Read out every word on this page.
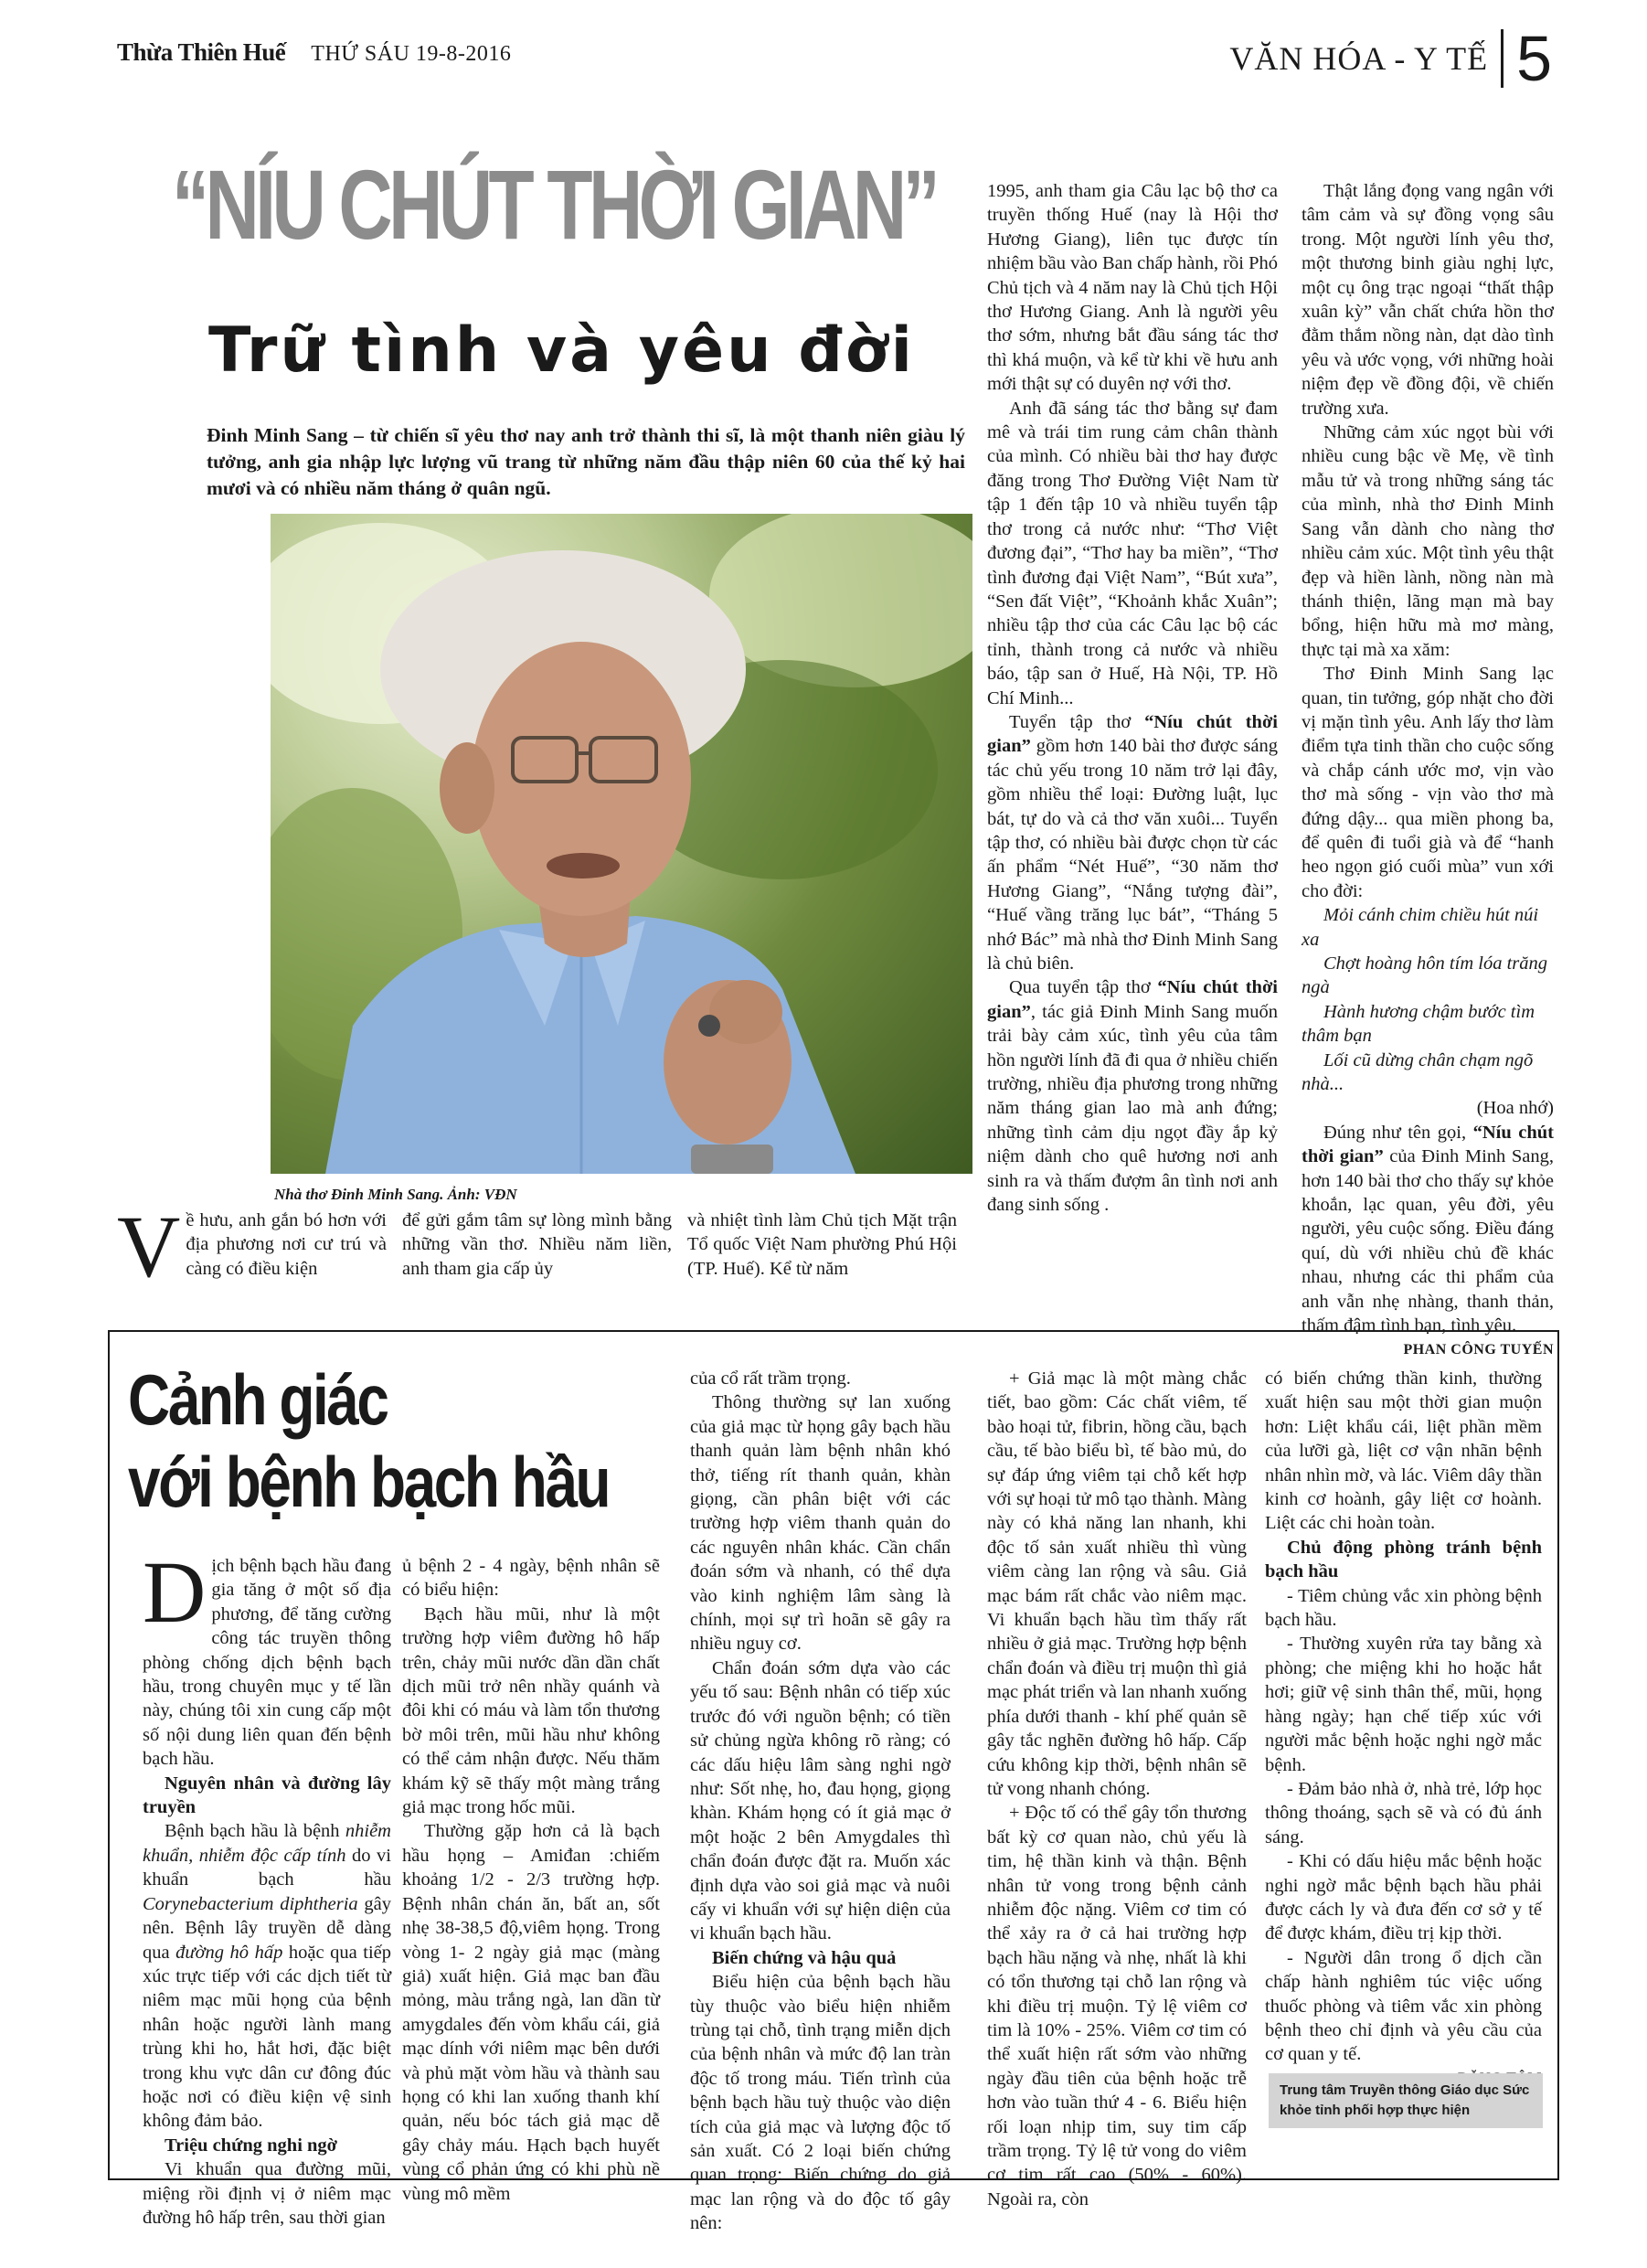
Thừa Thiên Huế THỨ SÁU 19-8-2016	VĂN HÓA - Y TẾ 5
“NÍU CHÚT THỜI GIAN”
Trữ tình và yêu đời
Đinh Minh Sang – từ chiến sĩ yêu thơ nay anh trở thành thi sĩ, là một thanh niên giàu lý tưởng, anh gia nhập lực lượng vũ trang từ những năm đầu thập niên 60 của thế kỷ hai mươi và có nhiều năm tháng ở quân ngũ.
Nhà thơ Đinh Minh Sang. Ảnh: VĐN
V ề hưu, anh gắn bó hơn với địa phương nơi cư trú và càng có điều kiện

để gửi gắm tâm sự lòng mình bằng những vần thơ. Nhiều năm liền, anh tham gia cấp ủy

và nhiệt tình làm Chủ tịch Mặt trận Tổ quốc Việt Nam phường Phú Hội (TP. Huế). Kể từ năm

1995, anh tham gia Câu lạc bộ thơ ca truyền thống Huế (nay là Hội thơ Hương Giang), liên tục được tín nhiệm bầu vào Ban chấp hành, rồi Phó Chủ tịch và 4 năm nay là Chủ tịch Hội thơ Hương Giang. Anh là người yêu thơ sớm, nhưng bắt đầu sáng tác thơ thì khá muộn, và kể từ khi về hưu anh mới thật sự có duyên nợ với thơ.

Anh đã sáng tác thơ bằng sự đam mê và trái tim rung cảm chân thành của mình. Có nhiều bài thơ hay được đăng trong Thơ Đường Việt Nam từ tập 1 đến tập 10 và nhiều tuyển tập thơ trong cả nước như: “Thơ Việt đương đại”, “Thơ hay ba miền”, “Thơ tình đương đại Việt Nam”, “Bút xưa”, “Sen đất Việt”, “Khoảnh khắc Xuân”; nhiều tập thơ của các Câu lạc bộ các tỉnh, thành trong cả nước và nhiều báo, tập san ở Huế, Hà Nội, TP. Hồ Chí Minh...

Tuyển tập thơ “Níu chút thời gian” gồm hơn 140 bài thơ được sáng tác chủ yếu trong 10 năm trở lại đây, gồm nhiều thể loại: Đường luật, lục bát, tự do và cả thơ văn xuôi... Tuyển tập thơ, có nhiều bài được chọn từ các ấn phẩm “Nét Huế”, “30 năm thơ Hương Giang”, “Nắng tượng đài”, “Huế vầng trăng lục bát”, “Tháng 5 nhớ Bác” mà nhà thơ Đinh Minh Sang là chủ biên.

Qua tuyển tập thơ “Níu chút thời gian”, tác giả Đinh Minh Sang muốn trải bày cảm xúc, tình yêu của tâm hồn người lính đã đi qua ở nhiều chiến trường, nhiều địa phương trong những năm tháng gian lao mà anh đứng; những tình cảm dịu ngọt đầy ắp kỷ niệm dành cho quê hương nơi anh sinh ra và thấm đượm ân tình nơi anh đang sinh sống .

Thật lắng đọng vang ngân với tâm cảm và sự đồng vọng sâu trong. Một người lính yêu thơ, một thương binh giàu nghị lực, một cụ ông trạc ngoại “thất thập xuân kỳ” vẫn chất chứa hồn thơ đằm thắm nồng nàn, dạt dào tình yêu và ước vọng, với những hoài niệm đẹp về đồng đội, về chiến trường xưa.

Những cảm xúc ngọt bùi với nhiều cung bậc về Mẹ, về tình mẫu tử và trong những sáng tác của mình, nhà thơ Đinh Minh Sang vẫn dành cho nàng thơ nhiều cảm xúc. Một tình yêu thật đẹp và hiền lành, nồng nàn mà thánh thiện, lãng mạn mà bay bổng, hiện hữu mà mơ màng, thực tại mà xa xăm:

Thơ Đinh Minh Sang lạc quan, tin tưởng, góp nhặt cho đời vị mặn tình yêu. Anh lấy thơ làm điểm tựa tinh thần cho cuộc sống và chắp cánh ước mơ, vịn vào thơ mà sống - vịn vào thơ mà đứng dậy... qua miền phong ba, để quên đi tuổi già và để “hanh heo ngọn gió cuối mùa” vun xới cho đời:

Mỏi cánh chim chiều hút núi xa

Chợt hoàng hôn tím lóa trăng ngà

Hành hương chậm bước tìm thâm bạn

Lối cũ dừng chân chạm ngõ nhà...

(Hoa nhớ)

Đúng như tên gọi, “Níu chút thời gian” của Đinh Minh Sang, hơn 140 bài thơ cho thấy sự khỏe khoắn, lạc quan, yêu đời, yêu người, yêu cuộc sống. Điều đáng quí, dù với nhiều chủ đề khác nhau, nhưng các thi phẩm của anh vẫn nhẹ nhàng, thanh thản, thấm đậm tình bạn, tình yêu.

PHAN CÔNG TUYẾN

Cảnh giác
với bệnh bạch hầu
D ịch bệnh bạch hầu đang gia tăng ở một số địa phương, để tăng cường công tác truyền thông phòng chống dịch bệnh bạch hầu, trong chuyên mục y tế lần này, chúng tôi xin cung cấp một số nội dung liên quan đến bệnh bạch hầu.

Nguyên nhân và đường lây truyền

Bệnh bạch hầu là bệnh nhiễm khuẩn, nhiễm độc cấp tính do vi khuẩn bạch hầu Corynebacterium diphtheria gây nên. Bệnh lây truyền dễ dàng qua đường hô hấp hoặc qua tiếp xúc trực tiếp với các dịch tiết từ niêm mạc mũi họng của bệnh nhân hoặc người lành mang trùng khi ho, hắt hơi, đặc biệt trong khu vực dân cư đông đúc hoặc nơi có điều kiện vệ sinh không đảm bảo.

Triệu chứng nghi ngờ

Vi khuẩn qua đường mũi, miệng rồi định vị ở niêm mạc đường hô hấp trên, sau thời gian

ủ bệnh 2 - 4 ngày, bệnh nhân sẽ có biểu hiện:

Bạch hầu mũi, như là một trường hợp viêm đường hô hấp trên, chảy mũi nước dần dần chất dịch mũi trở nên nhầy quánh và đôi khi có máu và làm tổn thương bờ môi trên, mũi hầu như không có thể cảm nhận được. Nếu thăm khám kỹ sẽ thấy một màng trắng giả mạc trong hốc mũi.

Thường gặp hơn cả là bạch hầu họng – Amiđan :chiếm khoảng 1/2 - 2/3 trường hợp. Bệnh nhân chán ăn, bất an, sốt nhẹ 38-38,5 độ,viêm họng. Trong vòng 1- 2 ngày giả mạc (màng giả) xuất hiện. Giả mạc ban đầu mỏng, màu trắng ngà, lan dần từ amygdales đến vòm khẩu cái, giả mạc dính với niêm mạc bên dưới và phủ mặt vòm hầu và thành sau họng có khi lan xuống thanh khí quản, nếu bóc tách giả mạc dễ gây chảy máu. Hạch bạch huyết vùng cổ phản ứng có khi phù nề vùng mô mềm

của cổ rất trầm trọng.

Thông thường sự lan xuống của giả mạc từ họng gây bạch hầu thanh quản làm bệnh nhân khó thở, tiếng rít thanh quản, khàn giọng, cần phân biệt với các trường hợp viêm thanh quản do các nguyên nhân khác. Cần chẩn đoán sớm và nhanh, có thể dựa vào kinh nghiệm lâm sàng là chính, mọi sự trì hoãn sẽ gây ra nhiều nguy cơ.

Chẩn đoán sớm dựa vào các yếu tố sau: Bệnh nhân có tiếp xúc trước đó với nguồn bệnh; có tiền sử chủng ngừa không rõ ràng; có các dấu hiệu lâm sàng nghi ngờ như: Sốt nhẹ, ho, đau họng, giọng khàn. Khám họng có ít giả mạc ở một hoặc 2 bên Amygdales thì chẩn đoán được đặt ra. Muốn xác định dựa vào soi giả mạc và nuôi cấy vi khuẩn với sự hiện diện của vi khuẩn bạch hầu.

Biến chứng và hậu quả

Biểu hiện của bệnh bạch hầu tùy thuộc vào biểu hiện nhiễm trùng tại chỗ, tình trạng miễn dịch của bệnh nhân và mức độ lan tràn độc tố trong máu. Tiến trình của bệnh bạch hầu tuỳ thuộc vào diện tích của giả mạc và lượng độc tố sản xuất. Có 2 loại biến chứng quan trọng: Biến chứng do giả mạc lan rộng và do độc tố gây nên:

+ Giả mạc là một màng chắc tiết, bao gồm: Các chất viêm, tế bào hoại tử, fibrin, hồng cầu, bạch cầu, tế bào biểu bì, tế bào mủ, do sự đáp ứng viêm tại chỗ kết hợp với sự hoại tử mô tạo thành. Màng này có khả năng lan nhanh, khi độc tố sản xuất nhiều thì vùng viêm càng lan rộng và sâu. Giả mạc bám rất chắc vào niêm mạc. Vi khuẩn bạch hầu tìm thấy rất nhiều ở giả mạc. Trường hợp bệnh chẩn đoán và điều trị muộn thì giả mạc phát triển và lan nhanh xuống phía dưới thanh - khí phế quản sẽ gây tắc nghẽn đường hô hấp. Cấp cứu không kịp thời, bệnh nhân sẽ tử vong nhanh chóng.

+ Độc tố có thể gây tổn thương bất kỳ cơ quan nào, chủ yếu là tim, hệ thần kinh và thận. Bệnh nhân tử vong trong bệnh cảnh nhiễm độc nặng. Viêm cơ tim có thể xảy ra ở cả hai trường hợp bạch hầu nặng và nhẹ, nhất là khi có tổn thương tại chỗ lan rộng và khi điều trị muộn. Tỷ lệ viêm cơ tim là 10% - 25%. Viêm cơ tim có thể xuất hiện rất sớm vào những ngày đầu tiên của bệnh hoặc trễ hơn vào tuần thứ 4 - 6. Biểu hiện rối loạn nhịp tim, suy tim cấp trầm trọng. Tỷ lệ tử vong do viêm cơ tim rất cao (50% - 60%). Ngoài ra, còn

có biến chứng thần kinh, thường xuất hiện sau một thời gian muộn hơn: Liệt khẩu cái, liệt phần mềm của lưỡi gà, liệt cơ vận nhãn bệnh nhân nhìn mờ, và lác. Viêm dây thần kinh cơ hoành, gây liệt cơ hoành. Liệt các chi hoàn toàn.

Chủ động phòng tránh bệnh bạch hầu

- Tiêm chủng vắc xin phòng bệnh bạch hầu.

- Thường xuyên rửa tay bằng xà phòng; che miệng khi ho hoặc hắt hơi; giữ vệ sinh thân thể, mũi, họng hàng ngày; hạn chế tiếp xúc với người mắc bệnh hoặc nghi ngờ mắc bệnh.

- Đảm bảo nhà ở, nhà trẻ, lớp học thông thoáng, sạch sẽ và có đủ ánh sáng.

- Khi có dấu hiệu mắc bệnh hoặc nghi ngờ mắc bệnh bạch hầu phải được cách ly và đưa đến cơ sở y tế để được khám, điều trị kịp thời.

- Người dân trong ổ dịch cần chấp hành nghiêm túc việc uống thuốc phòng và tiêm vắc xin phòng bệnh theo chỉ định và yêu cầu của cơ quan y tế.

Trung tâm Truyền thông Giáo dục Sức khỏe tỉnh phối hợp thực hiện
